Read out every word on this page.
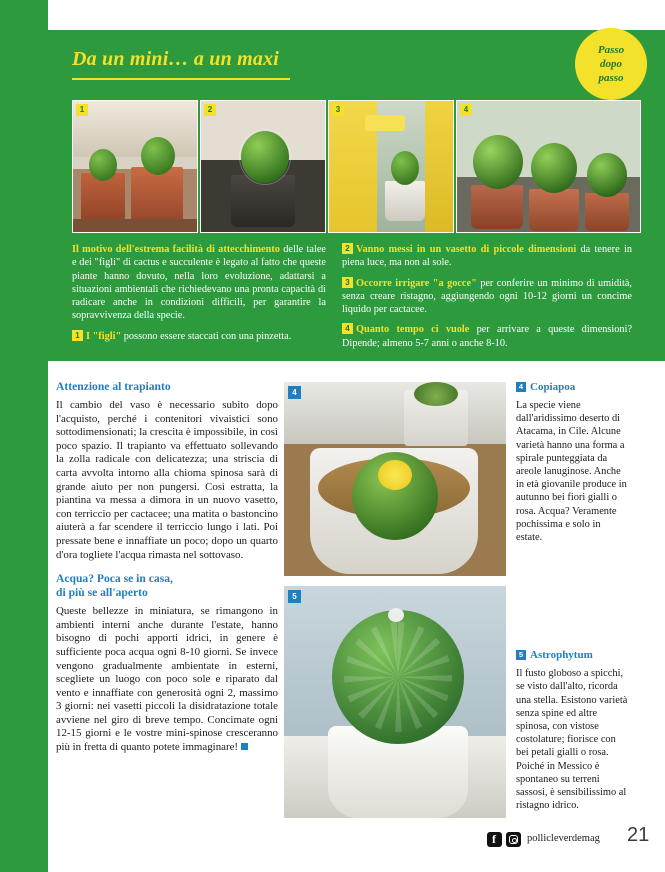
Da un mini… a un maxi	Passo
dopo
passo
1	2	3	4

Il motivo dell'estrema facilità di attecchimento delle talee e dei "figli" di cactus e succulente è legato al fatto che queste piante hanno dovuto, nella loro evoluzione, adattarsi a situazioni ambientali che richiedevano una pronta capacità di radicare anche in condizioni difficili, per garantire la sopravvivenza della specie.

1 I "figli" possono essere staccati con una pinzetta.

2 Vanno messi in un vasetto di piccole dimensioni da tenere in piena luce, ma non al sole.

3 Occorre irrigare "a gocce" per conferire un minimo di umidità, senza creare ristagno, aggiungendo ogni 10-12 giorni un concime liquido per cactacee.

4 Quanto tempo ci vuole per arrivare a queste dimensioni? Dipende; almeno 5-7 anni o anche 8-10.

Attenzione al trapianto

Il cambio del vaso è necessario subito dopo l'acquisto, perché i contenitori vivaistici sono sottodimensionati; la crescita è impossibile, in così poco spazio. Il trapianto va effettuato sollevando la zolla radicale con delicatezza; una striscia di carta avvolta intorno alla chioma spinosa sarà di grande aiuto per non pungersi. Così estratta, la piantina va messa a dimora in un nuovo vasetto, con terriccio per cactacee; una matita o bastoncino aiuterà a far scendere il terriccio lungo i lati. Poi pressate bene e innaffiate un poco; dopo un quarto d'ora togliete l'acqua rimasta nel sottovaso.

Acqua? Poca se in casa,
di più se all'aperto

Queste bellezze in miniatura, se rimangono in ambienti interni anche durante l'estate, hanno bisogno di pochi apporti idrici, in genere è sufficiente poca acqua ogni 8-10 giorni. Se invece vengono gradualmente ambientate in esterni, scegliete un luogo con poco sole e riparato dal vento e innaffiate con generosità ogni 2, massimo 3 giorni: nei vasetti piccoli la disidratazione totale avviene nel giro di breve tempo. Concimate ogni 12-15 giorni e le vostre mini-spinose cresceranno più in fretta di quanto potete immaginare!

4
5
4 Copiapoa

La specie viene dall'aridissimo deserto di Atacama, in Cile. Alcune varietà hanno una forma a spirale punteggiata da areole lanuginose. Anche in età giovanile produce in autunno bei fiori gialli o rosa. Acqua? Veramente pochissima e solo in estate.

5 Astrophytum

Il fusto globoso a spicchi, se visto dall'alto, ricorda una stella. Esistono varietà senza spine ed altre spinosa, con vistose costolature; fiorisce con bei petali gialli o rosa. Poiché in Messico è spontaneo su terreni sassosi, è sensibilissimo al ristagno idrico.

f	pollicleverdemag 21
